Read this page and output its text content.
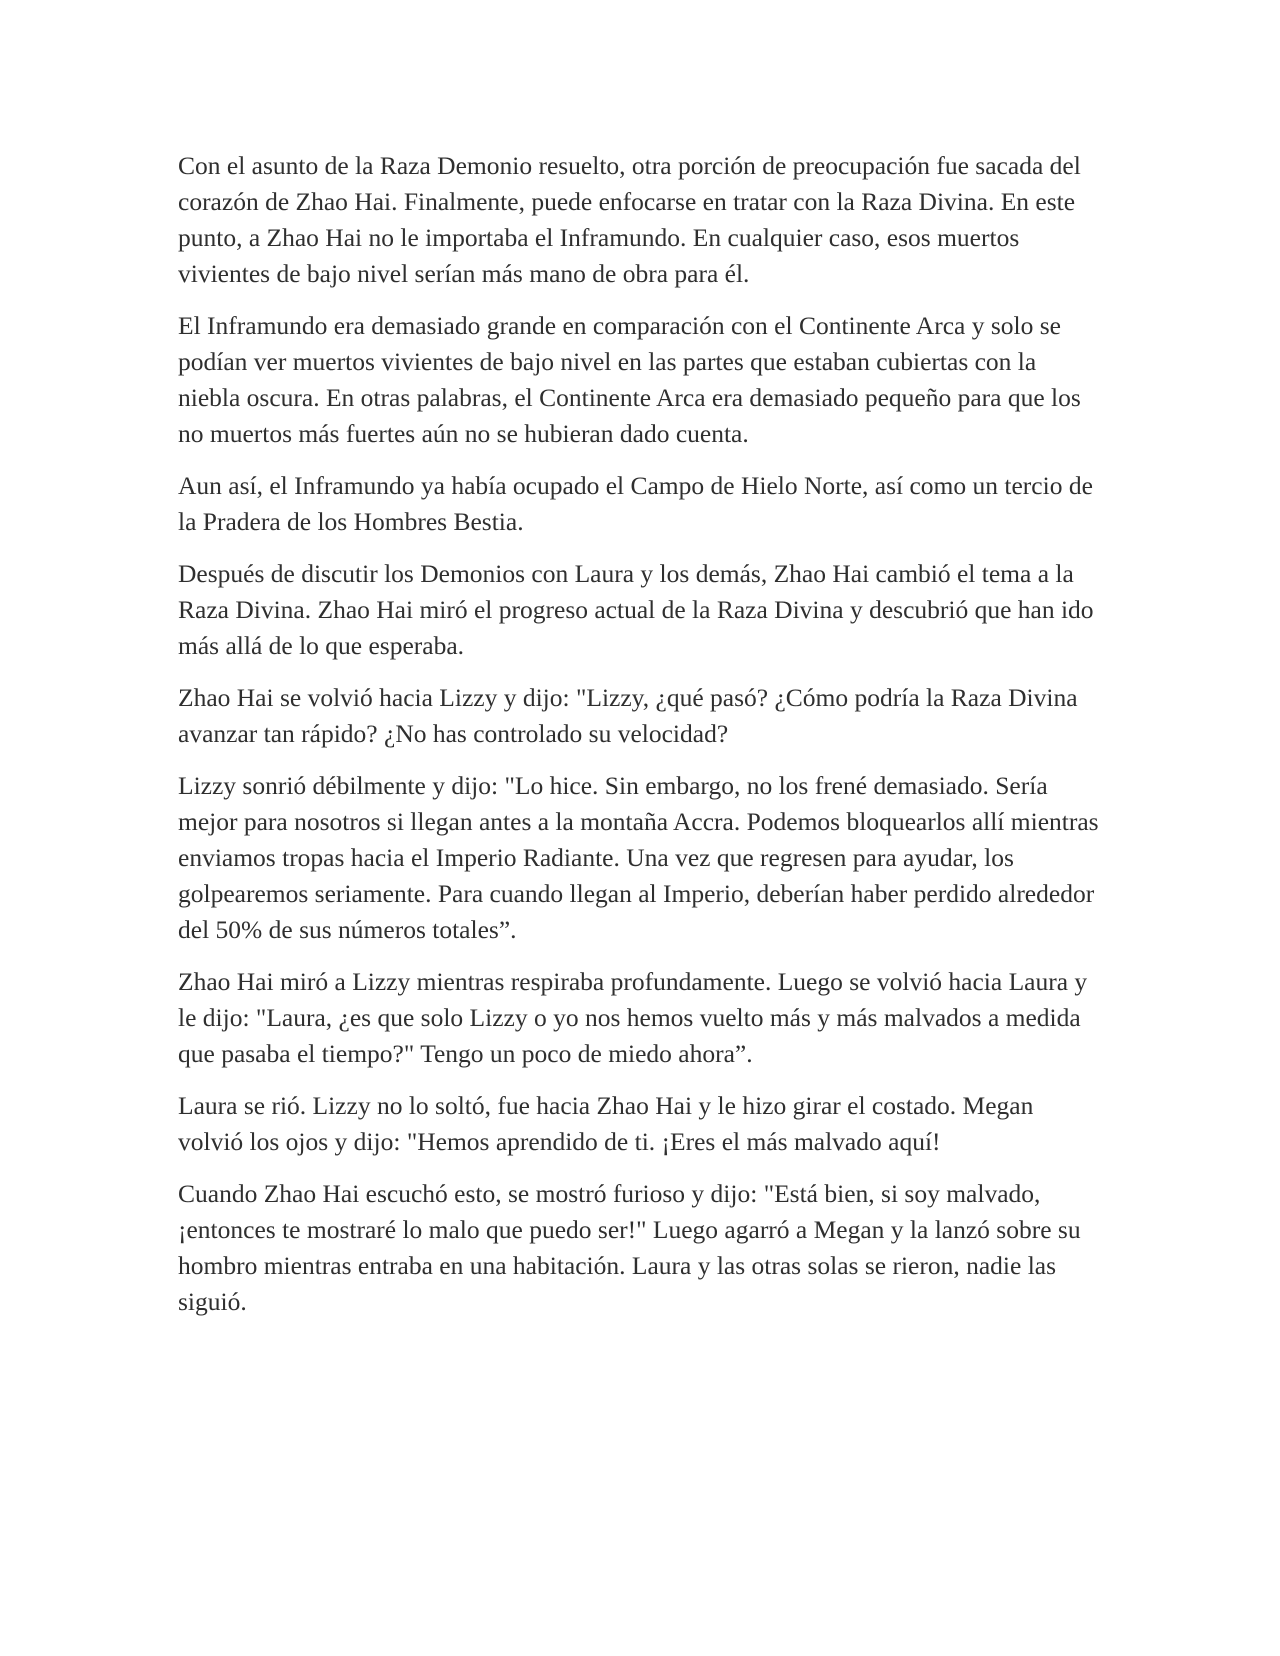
Con el asunto de la Raza Demonio resuelto, otra porción de preocupación fue sacada del corazón de Zhao Hai. Finalmente, puede enfocarse en tratar con la Raza Divina. En este punto, a Zhao Hai no le importaba el Inframundo. En cualquier caso, esos muertos vivientes de bajo nivel serían más mano de obra para él.

El Inframundo era demasiado grande en comparación con el Continente Arca y solo se podían ver muertos vivientes de bajo nivel en las partes que estaban cubiertas con la niebla oscura. En otras palabras, el Continente Arca era demasiado pequeño para que los no muertos más fuertes aún no se hubieran dado cuenta.

Aun así, el Inframundo ya había ocupado el Campo de Hielo Norte, así como un tercio de la Pradera de los Hombres Bestia.

Después de discutir los Demonios con Laura y los demás, Zhao Hai cambió el tema a la Raza Divina. Zhao Hai miró el progreso actual de la Raza Divina y descubrió que han ido más allá de lo que esperaba.

Zhao Hai se volvió hacia Lizzy y dijo: "Lizzy, ¿qué pasó? ¿Cómo podría la Raza Divina avanzar tan rápido? ¿No has controlado su velocidad?

Lizzy sonrió débilmente y dijo: "Lo hice. Sin embargo, no los frené demasiado. Sería mejor para nosotros si llegan antes a la montaña Accra. Podemos bloquearlos allí mientras enviamos tropas hacia el Imperio Radiante. Una vez que regresen para ayudar, los golpearemos seriamente. Para cuando llegan al Imperio, deberían haber perdido alrededor del 50% de sus números totales”.

Zhao Hai miró a Lizzy mientras respiraba profundamente. Luego se volvió hacia Laura y le dijo: "Laura, ¿es que solo Lizzy o yo nos hemos vuelto más y más malvados a medida que pasaba el tiempo?" Tengo un poco de miedo ahora”.

Laura se rió. Lizzy no lo soltó, fue hacia Zhao Hai y le hizo girar el costado. Megan volvió los ojos y dijo: "Hemos aprendido de ti. ¡Eres el más malvado aquí!

Cuando Zhao Hai escuchó esto, se mostró furioso y dijo: "Está bien, si soy malvado, ¡entonces te mostraré lo malo que puedo ser!" Luego agarró a Megan y la lanzó sobre su hombro mientras entraba en una habitación. Laura y las otras solas se rieron, nadie las siguió.
